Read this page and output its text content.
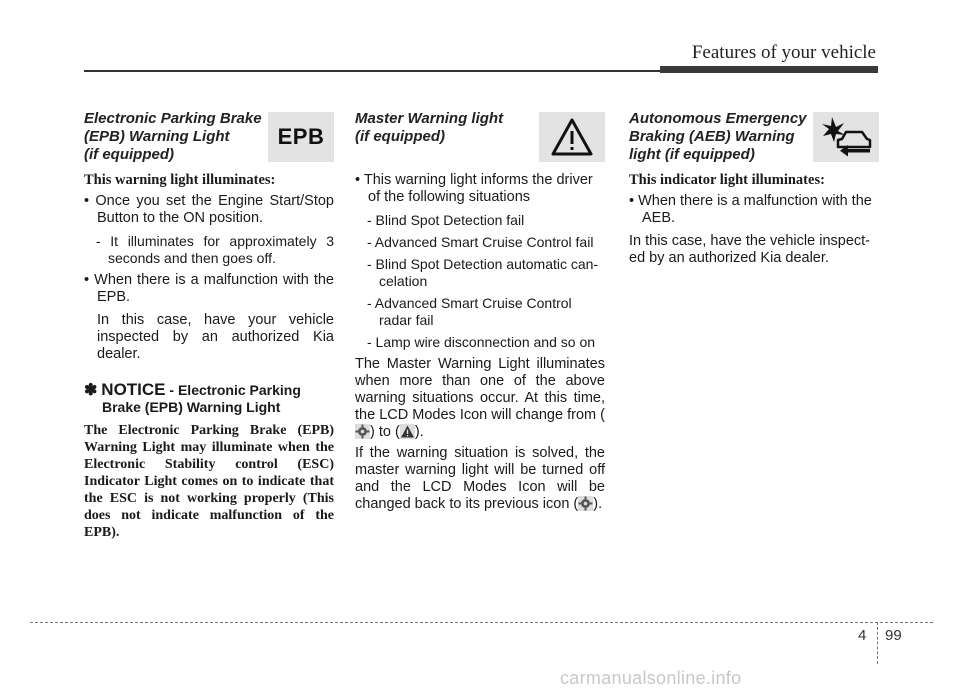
Features of your vehicle
Electronic Parking Brake
(EPB) Warning Light
(if equipped)
EPB

This warning light illuminates:

• Once you set the Engine Start/Stop Button to the ON position.

- It illuminates for approximately 3 seconds and then goes off.

• When there is a malfunction with the EPB.

In this case, have your vehicle inspected by an authorized Kia dealer.

✽ NOTICE - Electronic Parking
Brake (EPB) Warning Light
The Electronic Parking Brake (EPB) Warning Light may illuminate when the Electronic Stability control (ESC) Indicator Light comes on to indicate that the ESC is not working properly (This does not indicate malfunction of the EPB).
Master Warning light
(if equipped)

• This warning light informs the driver of the following situations

- Blind Spot Detection fail

- Advanced Smart Cruise Control fail

- Blind Spot Detection automatic cancelation

- Advanced Smart Cruise Control radar fail

- Lamp wire disconnection and so on

The Master Warning Light illuminates when more than one of the above warning situations occur. At this time, the LCD Modes Icon will change from () to ( ).

If the warning situation is solved, the master warning light will be turned off and the LCD Modes Icon will be changed back to its previous icon ( ).

Autonomous Emergency
Braking (AEB) Warning
light (if equipped)

This indicator light illuminates:

• When there is a malfunction with the AEB.

In this case, have the vehicle inspected by an authorized Kia dealer.

4 99
carmanualsonline.info
